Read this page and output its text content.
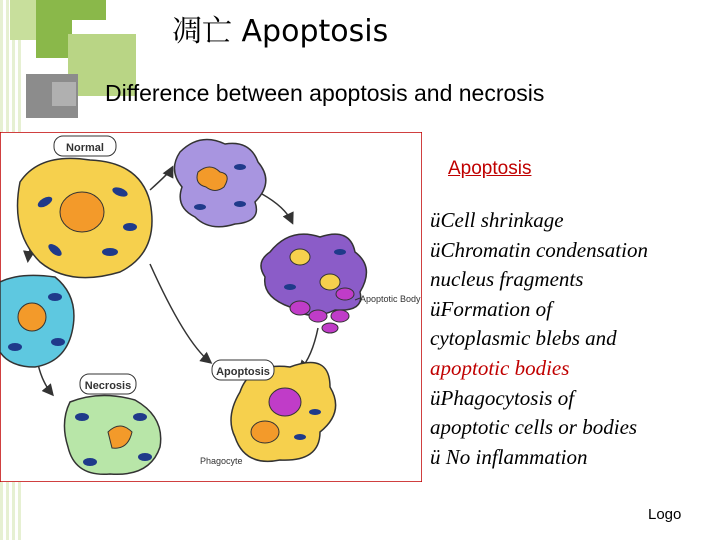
凋亡 Apoptosis
Difference between apoptosis and necrosis
Normal
Apoptotic Body
Phagocyte
Apoptosis
Necrosis
Apoptosis
üCell shrinkage
üChromatin condensation
nucleus fragments
üFormation of
cytoplasmic blebs and
apoptotic bodies
üPhagocytosis of
apoptotic cells or bodies
ü No inflammation
Logo
